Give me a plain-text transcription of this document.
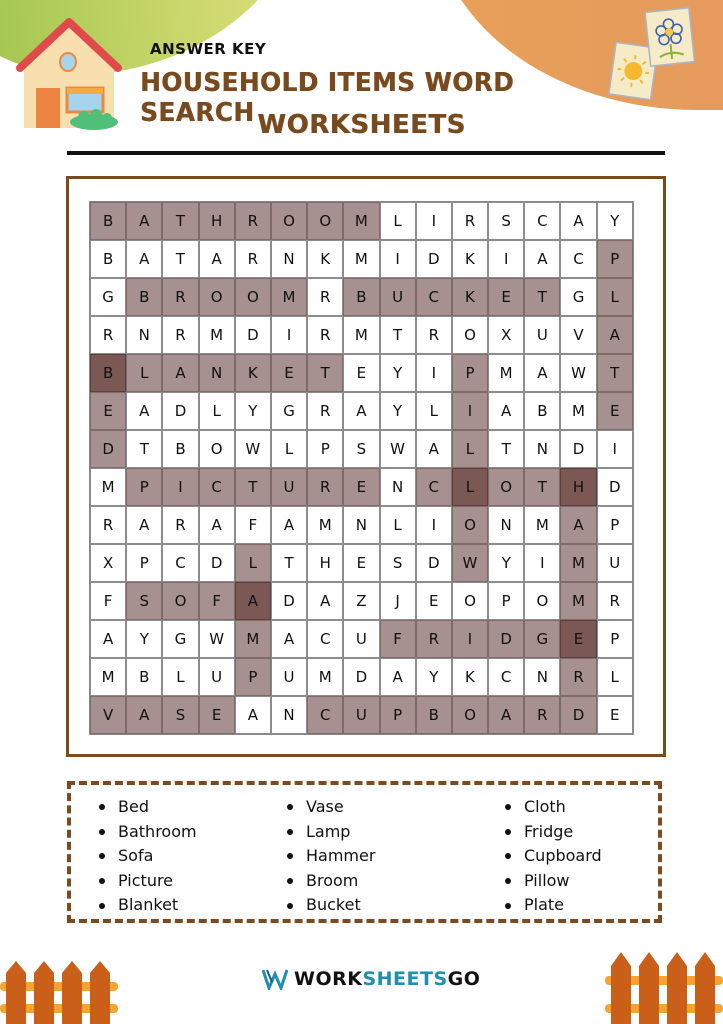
ANSWER KEY
HOUSEHOLD ITEMS WORD SEARCH WORKSHEETS
B	A	T	H	R	O	O	M	L	I	R	S	C	A	Y
B	A	T	A	R	N	K	M	I	D	K	I	A	C	P
G	B	R	O	O	M	R	B	U	C	K	E	T	G	L
R	N	R	M	D	I	R	M	T	R	O	X	U	V	A
B	L	A	N	K	E	T	E	Y	I	P	M	A	W	T
E	A	D	L	Y	G	R	A	Y	L	I	A	B	M	E
D	T	B	O	W	L	P	S	W	A	L	T	N	D	I
M	P	I	C	T	U	R	E	N	C	L	O	T	H	D
R	A	R	A	F	A	M	N	L	I	O	N	M	A	P
X	P	C	D	L	T	H	E	S	D	W	Y	I	M	U
F	S	O	F	A	D	A	Z	J	E	O	P	O	M	R
A	Y	G	W	M	A	C	U	F	R	I	D	G	E	P
M	B	L	U	P	U	M	D	A	Y	K	C	N	R	L
V	A	S	E	A	N	C	U	P	B	O	A	R	D	E
Bed
Bathroom
Sofa
Picture
Blanket
Vase
Lamp
Hammer
Broom
Bucket
Cloth
Fridge
Cupboard
Pillow
Plate
WORKSHEETSGO
